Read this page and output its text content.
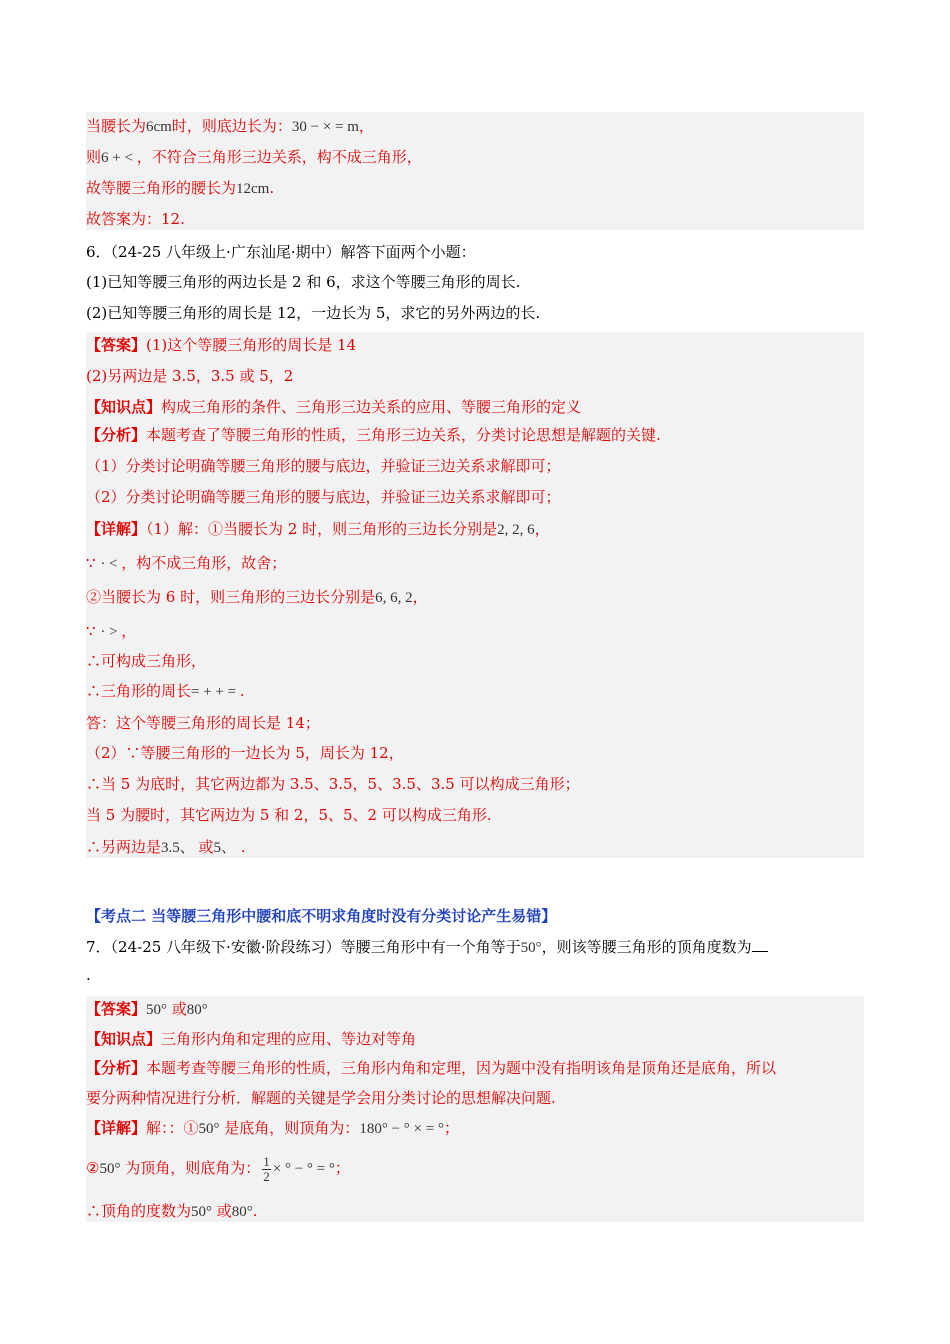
当腰长为6cm时，则底边长为：30 − × = m，
则6 + < ，不符合三角形三边关系，构不成三角形，
故等腰三角形的腰长为12cm.
故答案为：12.
6．（24-25 八年级上·广东汕尾·期中）解答下面两个小题：
(1)已知等腰三角形的两边长是 2 和 6，求这个等腰三角形的周长.
(2)已知等腰三角形的周长是 12，一边长为 5，求它的另外两边的长.
【答案】(1)这个等腰三角形的周长是 14
(2)另两边是 3.5，3.5 或 5，2
【知识点】构成三角形的条件、三角形三边关系的应用、等腰三角形的定义
【分析】本题考查了等腰三角形的性质，三角形三边关系，分类讨论思想是解题的关键.
（1）分类讨论明确等腰三角形的腰与底边，并验证三边关系求解即可；
（2）分类讨论明确等腰三角形的腰与底边，并验证三边关系求解即可；
【详解】（1）解：①当腰长为 2 时，则三角形的三边长分别是2, 2, 6，
∵ · < ，构不成三角形，故舍；
②当腰长为 6 时，则三角形的三边长分别是6, 6, 2，
∵ · > ，
∴可构成三角形，
∴三角形的周长= + + = .
答：这个等腰三角形的周长是 14；
（2）∵等腰三角形的一边长为 5，周长为 12，
∴当 5 为底时，其它两边都为 3.5、3.5，5、3.5、3.5 可以构成三角形；
当 5 为腰时，其它两边为 5 和 2，5、5、2 可以构成三角形.
∴另两边是3.5、 或5、 .
【考点二 当等腰三角形中腰和底不明求角度时没有分类讨论产生易错】
7．（24-25 八年级下·安徽·阶段练习）等腰三角形中有一个角等于50°，则该等腰三角形的顶角度数为
.
【答案】50° 或80°
【知识点】三角形内角和定理的应用、等边对等角
【分析】本题考查等腰三角形的性质，三角形内角和定理，因为题中没有指明该角是顶角还是底角，所以
要分两种情况进行分析．解题的关键是学会用分类讨论的思想解决问题.
【详解】解：：①50° 是底角，则顶角为：180° − ° × = °；
②50° 为顶角，则底角为： $\frac{1}{2}$ × ° − ° = °；
∴顶角的度数为50° 或80°.
